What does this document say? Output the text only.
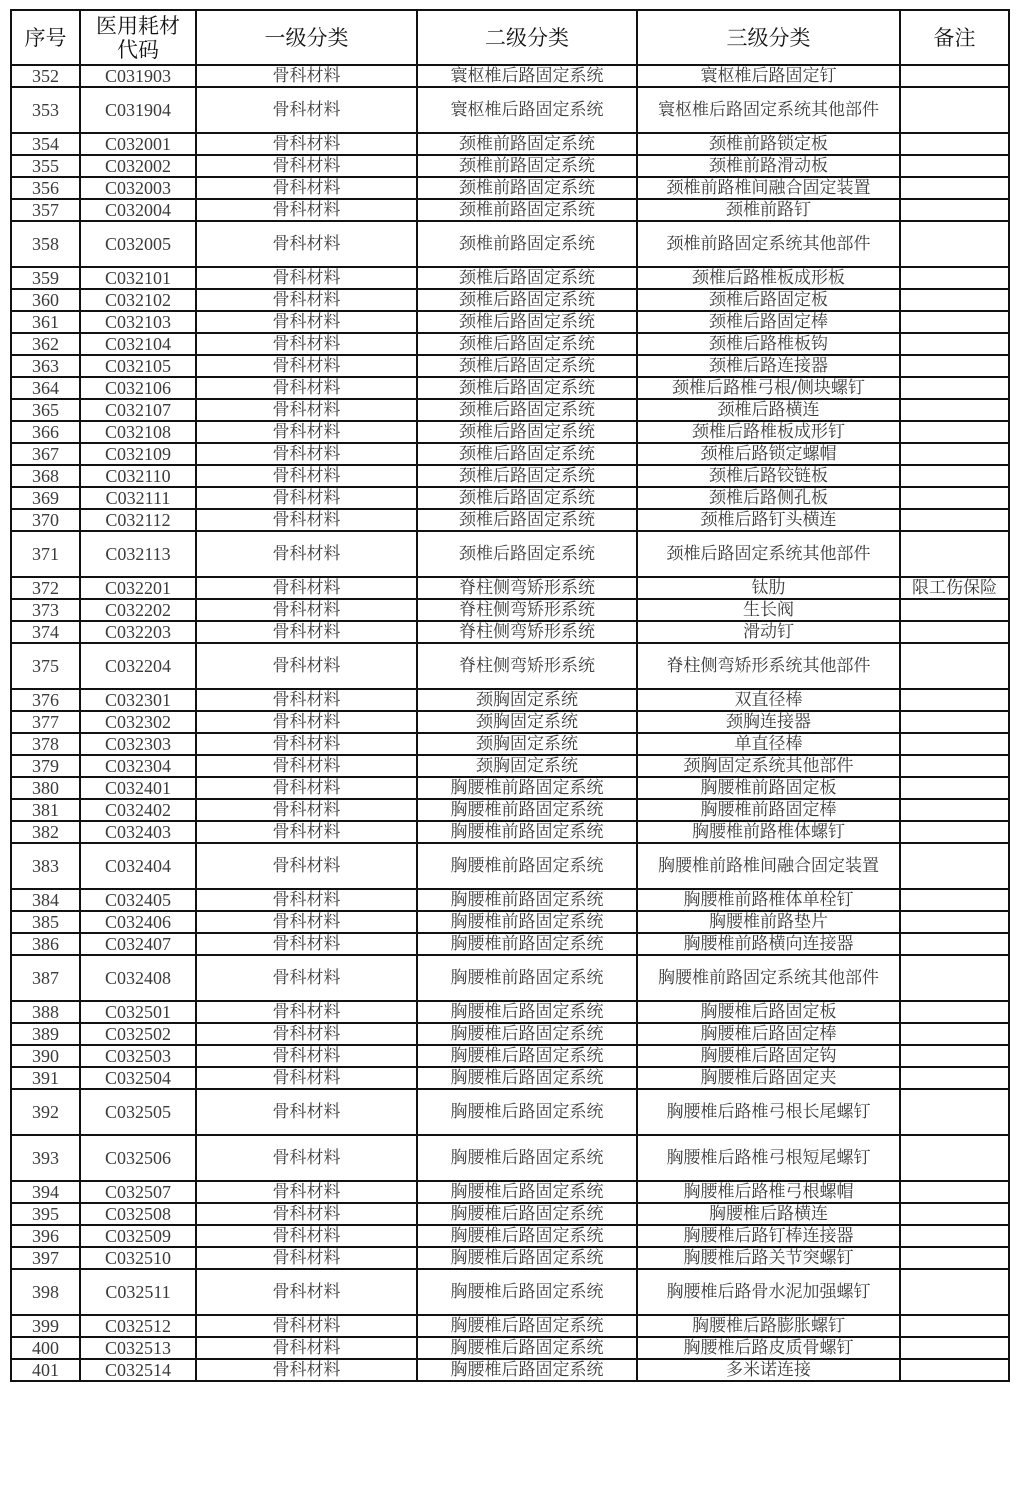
序号	医用耗材代码	一级分类	二级分类	三级分类	备注
352	C031903	骨科材料	寰枢椎后路固定系统	寰枢椎后路固定钉	
353	C031904	骨科材料	寰枢椎后路固定系统	寰枢椎后路固定系统其他部件	
354	C032001	骨科材料	颈椎前路固定系统	颈椎前路锁定板	
355	C032002	骨科材料	颈椎前路固定系统	颈椎前路滑动板	
356	C032003	骨科材料	颈椎前路固定系统	颈椎前路椎间融合固定装置	
357	C032004	骨科材料	颈椎前路固定系统	颈椎前路钉	
358	C032005	骨科材料	颈椎前路固定系统	颈椎前路固定系统其他部件	
359	C032101	骨科材料	颈椎后路固定系统	颈椎后路椎板成形板	
360	C032102	骨科材料	颈椎后路固定系统	颈椎后路固定板	
361	C032103	骨科材料	颈椎后路固定系统	颈椎后路固定棒	
362	C032104	骨科材料	颈椎后路固定系统	颈椎后路椎板钩	
363	C032105	骨科材料	颈椎后路固定系统	颈椎后路连接器	
364	C032106	骨科材料	颈椎后路固定系统	颈椎后路椎弓根/侧块螺钉	
365	C032107	骨科材料	颈椎后路固定系统	颈椎后路横连	
366	C032108	骨科材料	颈椎后路固定系统	颈椎后路椎板成形钉	
367	C032109	骨科材料	颈椎后路固定系统	颈椎后路锁定螺帽	
368	C032110	骨科材料	颈椎后路固定系统	颈椎后路铰链板	
369	C032111	骨科材料	颈椎后路固定系统	颈椎后路侧孔板	
370	C032112	骨科材料	颈椎后路固定系统	颈椎后路钉头横连	
371	C032113	骨科材料	颈椎后路固定系统	颈椎后路固定系统其他部件	
372	C032201	骨科材料	脊柱侧弯矫形系统	钛肋	限工伤保险
373	C032202	骨科材料	脊柱侧弯矫形系统	生长阀	
374	C032203	骨科材料	脊柱侧弯矫形系统	滑动钉	
375	C032204	骨科材料	脊柱侧弯矫形系统	脊柱侧弯矫形系统其他部件	
376	C032301	骨科材料	颈胸固定系统	双直径棒	
377	C032302	骨科材料	颈胸固定系统	颈胸连接器	
378	C032303	骨科材料	颈胸固定系统	单直径棒	
379	C032304	骨科材料	颈胸固定系统	颈胸固定系统其他部件	
380	C032401	骨科材料	胸腰椎前路固定系统	胸腰椎前路固定板	
381	C032402	骨科材料	胸腰椎前路固定系统	胸腰椎前路固定棒	
382	C032403	骨科材料	胸腰椎前路固定系统	胸腰椎前路椎体螺钉	
383	C032404	骨科材料	胸腰椎前路固定系统	胸腰椎前路椎间融合固定装置	
384	C032405	骨科材料	胸腰椎前路固定系统	胸腰椎前路椎体单栓钉	
385	C032406	骨科材料	胸腰椎前路固定系统	胸腰椎前路垫片	
386	C032407	骨科材料	胸腰椎前路固定系统	胸腰椎前路横向连接器	
387	C032408	骨科材料	胸腰椎前路固定系统	胸腰椎前路固定系统其他部件	
388	C032501	骨科材料	胸腰椎后路固定系统	胸腰椎后路固定板	
389	C032502	骨科材料	胸腰椎后路固定系统	胸腰椎后路固定棒	
390	C032503	骨科材料	胸腰椎后路固定系统	胸腰椎后路固定钩	
391	C032504	骨科材料	胸腰椎后路固定系统	胸腰椎后路固定夹	
392	C032505	骨科材料	胸腰椎后路固定系统	胸腰椎后路椎弓根长尾螺钉	
393	C032506	骨科材料	胸腰椎后路固定系统	胸腰椎后路椎弓根短尾螺钉	
394	C032507	骨科材料	胸腰椎后路固定系统	胸腰椎后路椎弓根螺帽	
395	C032508	骨科材料	胸腰椎后路固定系统	胸腰椎后路横连	
396	C032509	骨科材料	胸腰椎后路固定系统	胸腰椎后路钉棒连接器	
397	C032510	骨科材料	胸腰椎后路固定系统	胸腰椎后路关节突螺钉	
398	C032511	骨科材料	胸腰椎后路固定系统	胸腰椎后路骨水泥加强螺钉	
399	C032512	骨科材料	胸腰椎后路固定系统	胸腰椎后路膨胀螺钉	
400	C032513	骨科材料	胸腰椎后路固定系统	胸腰椎后路皮质骨螺钉	
401	C032514	骨科材料	胸腰椎后路固定系统	多米诺连接	
